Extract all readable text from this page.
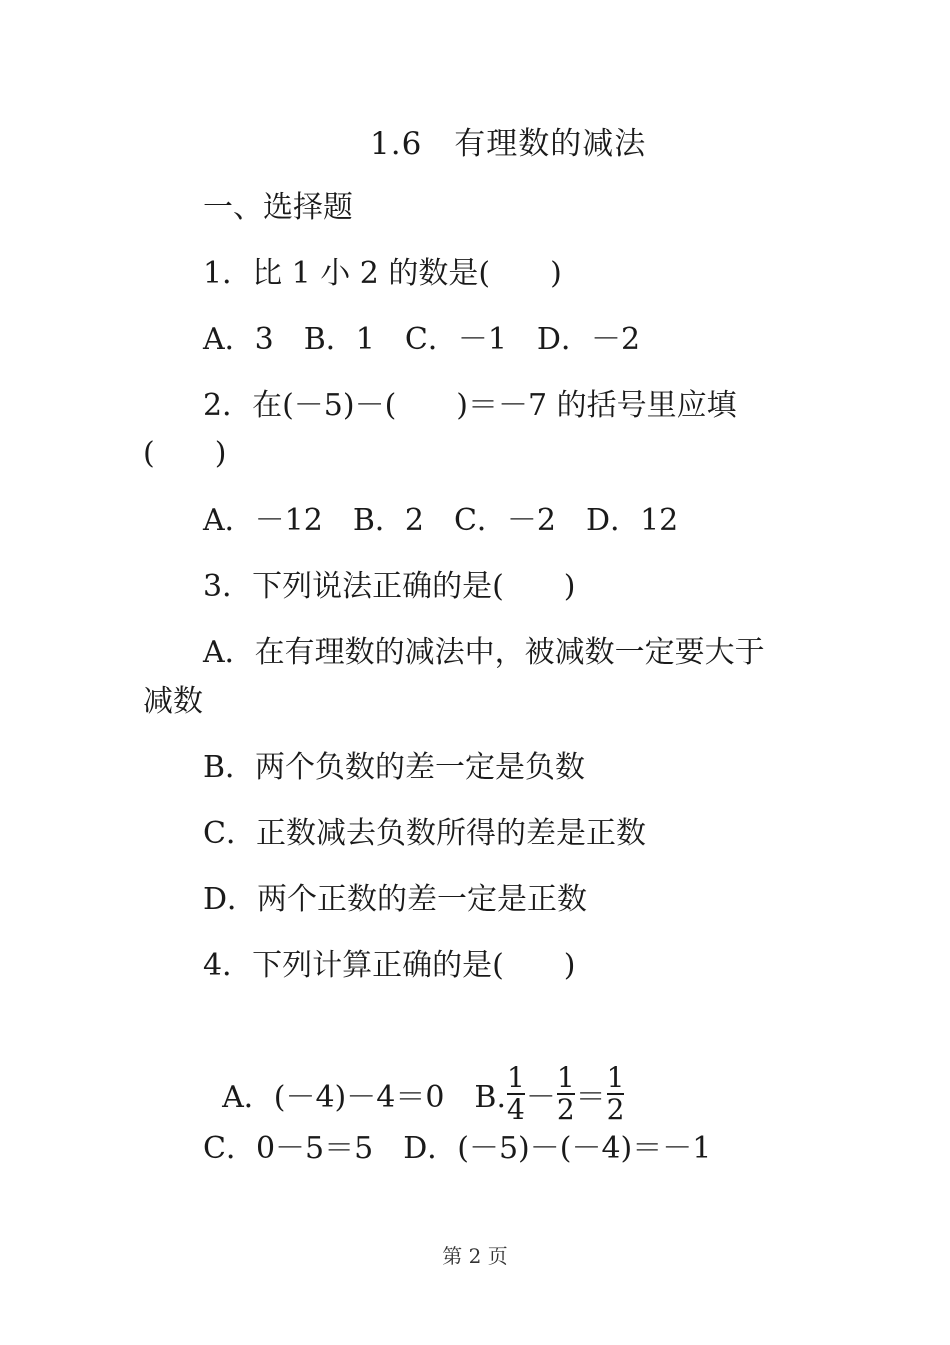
1.6　有理数的减法
一、选择题
1．比 1 小 2 的数是(　　)
A．3　B．1　C．－1　D．－2
2．在(－5)－(　　)＝－7 的括号里应填
(　　)
A．－12　B．2　C．－2　D．12
3．下列说法正确的是(　　)
A．在有理数的减法中，被减数一定要大于
减数
B．两个负数的差一定是负数
C．正数减去负数所得的差是正数
D．两个正数的差一定是正数
4．下列计算正确的是(　　)

A．(－4)－4＝0　B. $\frac{1}{4} - \frac{1}{2} = \frac{1}{2}$

C．0－5＝5　D．(－5)－(－4)＝－1
第 2 页
